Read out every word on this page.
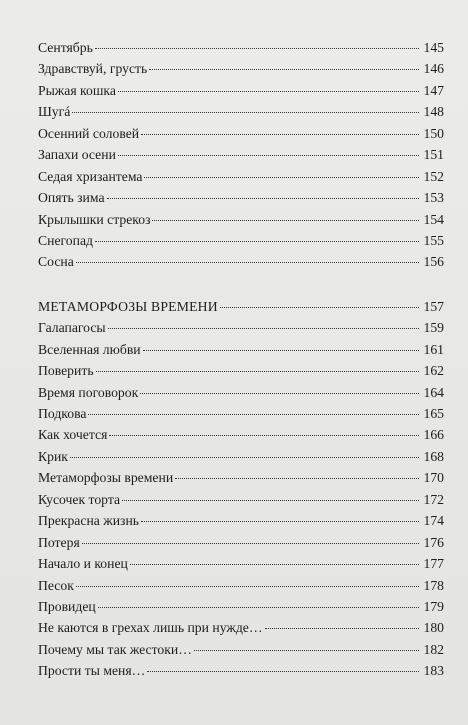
Сентябрь	145
Здравствуй, грусть	146
Рыжая кошка	147
Шугá	148
Осенний соловей	150
Запахи осени	151
Седая хризантема	152
Опять зима	153
Крылышки стрекоз	154
Снегопад	155
Сосна	156
МЕТАМОРФОЗЫ ВРЕМЕНИ	157
Галапагосы	159
Вселенная любви	161
Поверить	162
Время поговорок	164
Подкова	165
Как хочется	166
Крик	168
Метаморфозы времени	170
Кусочек торта	172
Прекрасна жизнь	174
Потеря	176
Начало и конец	177
Песок	178
Провидец	179
Не каются в грехах лишь при нужде…	180
Почему мы так жестоки…	182
Прости ты меня…	183
